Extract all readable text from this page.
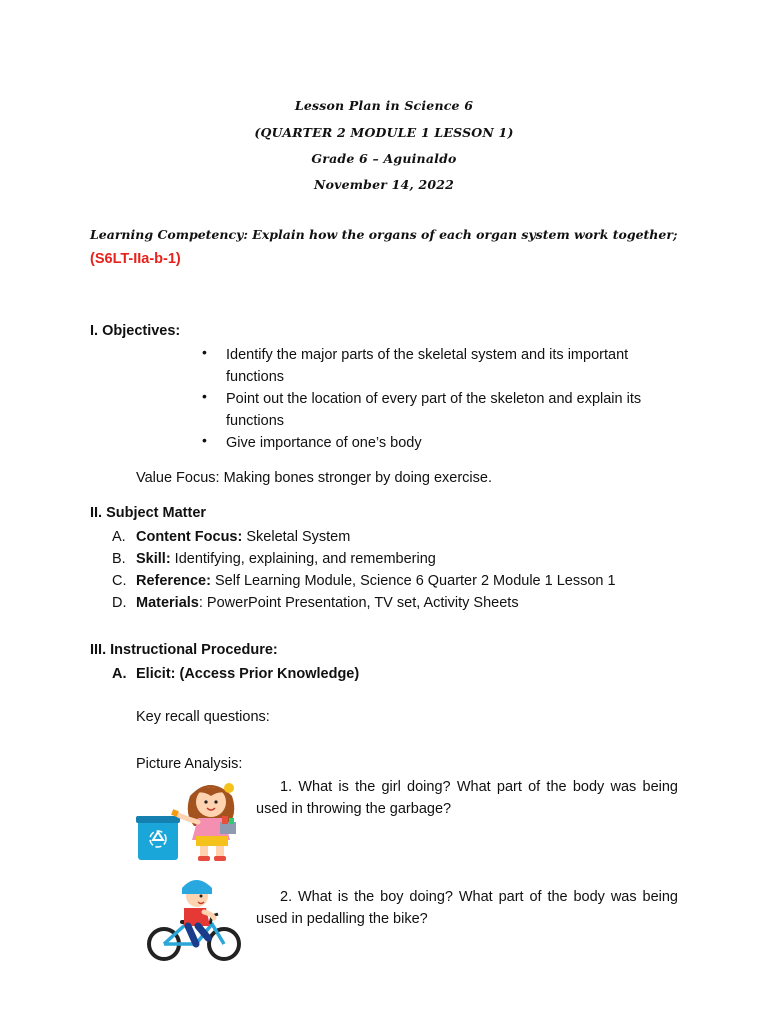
Lesson Plan in Science 6
(QUARTER 2 MODULE 1 LESSON 1)
Grade 6 – Aguinaldo
November 14, 2022
Learning Competency: Explain how the organs of each organ system work together; (S6LT-IIa-b-1)
I. Objectives:
• Identify the major parts of the skeletal system and its important functions
• Point out the location of every part of the skeleton and explain its functions
• Give importance of one’s body
Value Focus: Making bones stronger by doing exercise.
II. Subject Matter
A. Content Focus: Skeletal System
B. Skill: Identifying, explaining, and remembering
C. Reference: Self Learning Module, Science 6 Quarter 2 Module 1 Lesson 1
D. Materials: PowerPoint Presentation, TV set, Activity Sheets
III. Instructional Procedure:
A. Elicit: (Access Prior Knowledge)
Key recall questions:
Picture Analysis:
1. What is the girl doing? What part of the body was being used in throwing the garbage?
2. What is the boy doing? What part of the body was being used in pedalling the bike?
